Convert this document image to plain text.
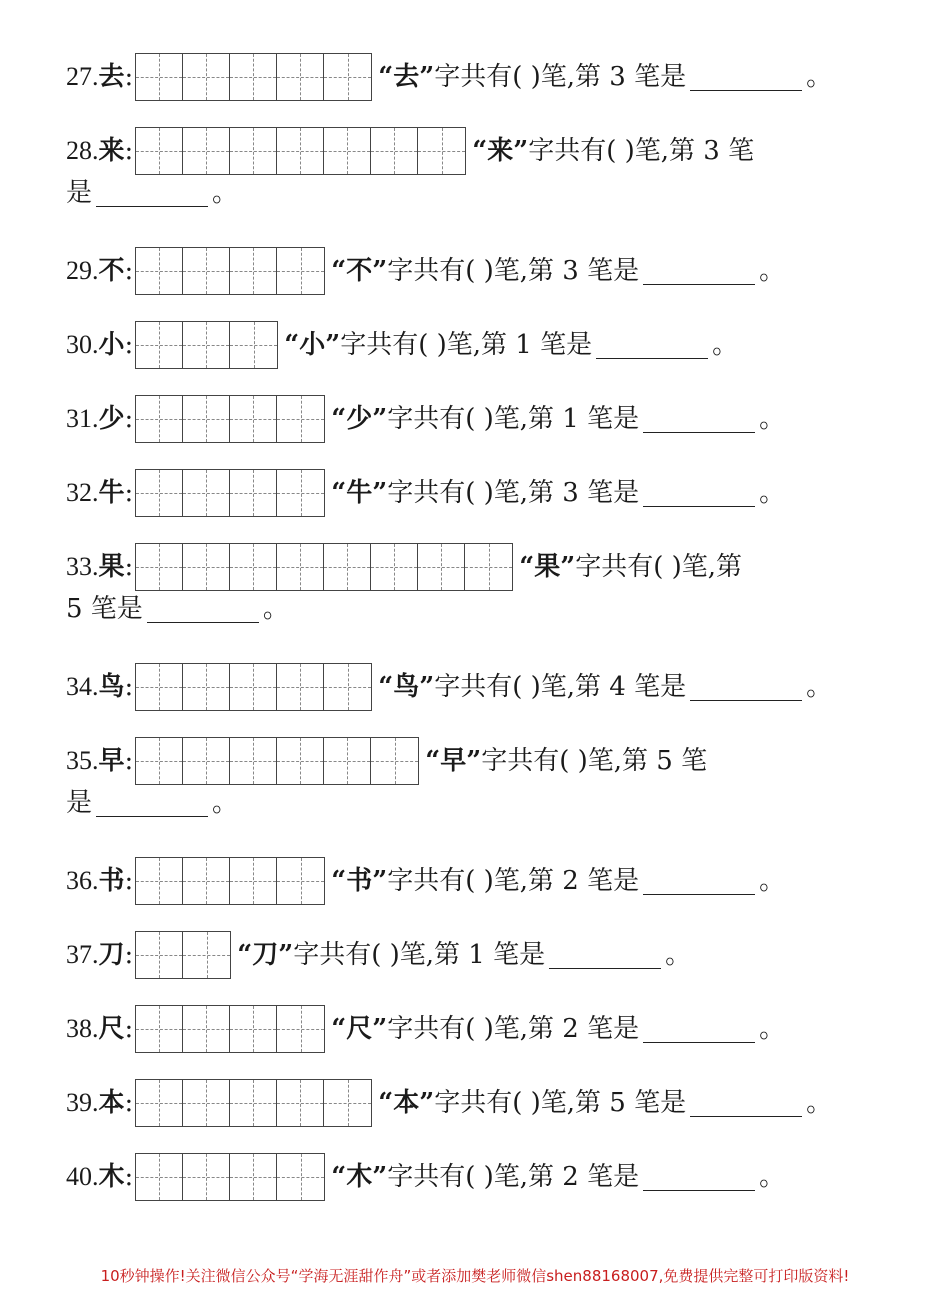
27. 去 :	“去” 字共有( )笔,第 3 笔是	。
28. 来 :	“来” 字共有( )笔,第 3 笔
是	。
29. 不 :	“不” 字共有( )笔,第 3 笔是	。
30. 小 :	“小” 字共有( )笔,第 1 笔是	。
31. 少 :	“少” 字共有( )笔,第 1 笔是	。
32. 牛 :	“牛” 字共有( )笔,第 3 笔是	。
33. 果 :	“果” 字共有( )笔,第
5 笔是	。
34. 鸟 :	“鸟” 字共有( )笔,第 4 笔是	。
35. 早 :	“早” 字共有( )笔,第 5 笔
是	。
36. 书 :	“书” 字共有( )笔,第 2 笔是	。
37. 刀 :	“刀” 字共有( )笔,第 1 笔是	。
38. 尺 :	“尺” 字共有( )笔,第 2 笔是	。
39. 本 :	“本” 字共有( )笔,第 5 笔是	。
40. 木 :	“木” 字共有( )笔,第 2 笔是	。
10秒钟操作!关注微信公众号“学海无涯甜作舟”或者添加樊老师微信shen88168007,免费提供完整可打印版资料!
